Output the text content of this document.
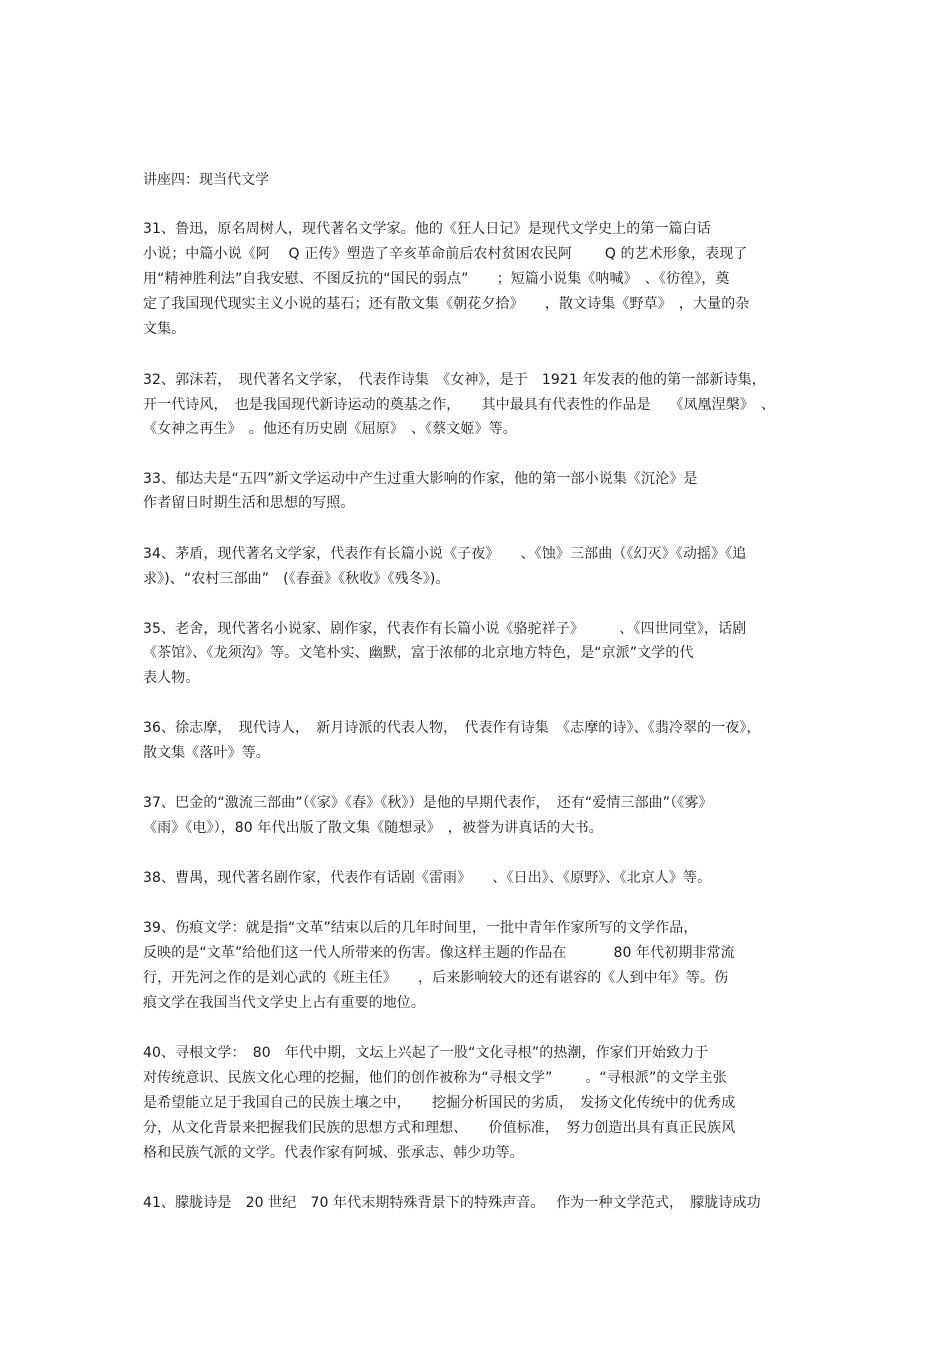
讲座四：现当代文学
31、鲁迅，原名周树人，现代著名文学家。他的《狂人日记》是现代文学史上的第一篇白话
小说；中篇小说《阿　 Q 正传》塑造了辛亥革命前后农村贫困农民阿　　 Q 的艺术形象，表现了
用“精神胜利法”自我安慰、不图反抗的“国民的弱点”　　；短篇小说集《呐喊》　、《彷徨》，奠
定了我国现代现实主义小说的基石；还有散文集《朝花夕拾》　　，散文诗集《野草》　，大量的杂
文集。
32、郭沫若，　现代著名文学家，　代表作诗集　《女神》，是于　1921 年发表的他的第一部新诗集，
开一代诗风，　也是我国现代新诗运动的奠基之作，　　其中最具有代表性的作品是　 《凤凰涅槃》　、
《女神之再生》　。他还有历史剧《屈原》　、《蔡文姬》等。
33、郁达夫是“五四”新文学运动中产生过重大影响的作家，他的第一部小说集《沉沦》是
作者留日时期生活和思想的写照。
34、茅盾，现代著名文学家，代表作有长篇小说《子夜》　　、《蚀》三部曲（《幻灭》《动摇》《追
求》)、“农村三部曲”　(《春蚕》《秋收》《残冬》)。
35、老舍，现代著名小说家、剧作家，代表作有长篇小说《骆驼祥子》　　　、《四世同堂》，话剧
《茶馆》、《龙须沟》等。文笔朴实、幽默，富于浓郁的北京地方特色，是“京派”文学的代
表人物。
36、徐志摩，　现代诗人，　新月诗派的代表人物，　代表作有诗集　《志摩的诗》、《翡冷翠的一夜》，
散文集《落叶》等。
37、巴金的“激流三部曲”（《家》《春》《秋》）是他的早期代表作，　还有“爱情三部曲”（《雾》
《雨》《电》），80 年代出版了散文集《随想录》　，被誉为讲真话的大书。
38、曹禺，现代著名剧作家，代表作有话剧《雷雨》　　、《日出》、《原野》、《北京人》等。
39、伤痕文学：就是指“文革”结束以后的几年时间里，一批中青年作家所写的文学作品，
反映的是“文革”给他们这一代人所带来的伤害。像这样主题的作品在　　　 80 年代初期非常流
行，开先河之作的是刘心武的《班主任》　　，后来影响较大的还有谌容的《人到中年》等。伤
痕文学在我国当代文学史上占有重要的地位。
40、寻根文学：　80　年代中期，文坛上兴起了一股“文化寻根”的热潮，作家们开始致力于
对传统意识、民族文化心理的挖掘，他们的创作被称为“寻根文学”　　 。“寻根派”的文学主张
是希望能立足于我国自己的民族土壤之中，　　挖掘分析国民的劣质，　发扬文化传统中的优秀成
分，从文化背景来把握我们民族的思想方式和理想、　　价值标准，　努力创造出具有真正民族风
格和民族气派的文学。代表作家有阿城、张承志、韩少功等。
41、朦胧诗是　20 世纪　70 年代末期特殊背景下的特殊声音。　 作为一种文学范式，　朦胧诗成功
